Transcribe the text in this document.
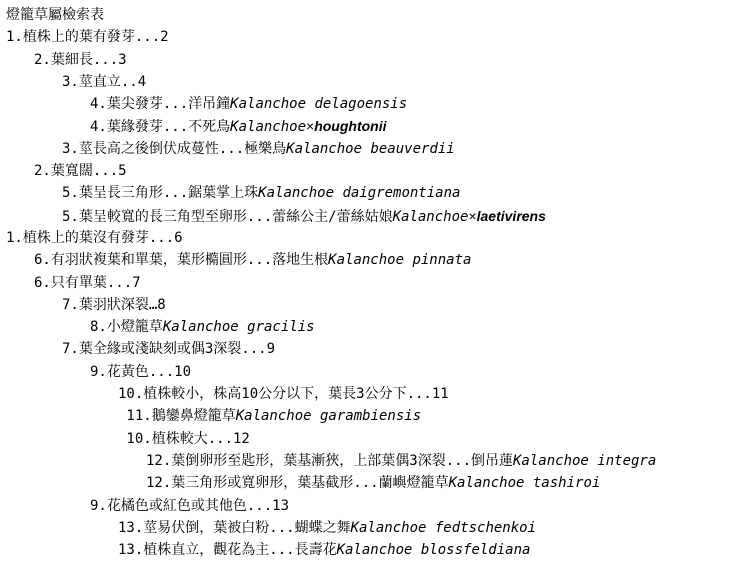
燈籠草屬檢索表
1.植株上的葉有發芽...2
2.葉細長...3
3.莖直立..4
4.葉尖發芽...洋吊鐘Kalanchoe delagoensis
4.葉緣發芽...不死鳥Kalanchoe×houghtonii
3.莖長高之後倒伏成蔓性...極樂鳥Kalanchoe beauverdii
2.葉寬闊...5
5.葉呈長三角形...鋸葉掌上珠Kalanchoe daigremontiana
5.葉呈較寬的長三角型至卵形...蕾絲公主/蕾絲姑娘Kalanchoe×laetivirens
1.植株上的葉沒有發芽...6
6.有羽狀複葉和單葉，葉形橢圓形...落地生根Kalanchoe pinnata
6.只有單葉...7
7.葉羽狀深裂…8
8.小燈籠草Kalanchoe gracilis
7.葉全緣或淺缺刻或偶3深裂...9
9.花黃色...10
10.植株較小，株高10公分以下，葉長3公分下...11
11.鵝鑾鼻燈籠草Kalanchoe garambiensis
10.植株較大...12
12.葉倒卵形至匙形，葉基漸狹，上部葉偶3深裂...倒吊蓮Kalanchoe integra
12.葉三角形或寬卵形，葉基截形...蘭嶼燈籠草Kalanchoe tashiroi
9.花橘色或紅色或其他色...13
13.莖易伏倒，葉被白粉...蝴蝶之舞Kalanchoe fedtschenkoi
13.植株直立，觀花為主...長壽花Kalanchoe blossfeldiana
